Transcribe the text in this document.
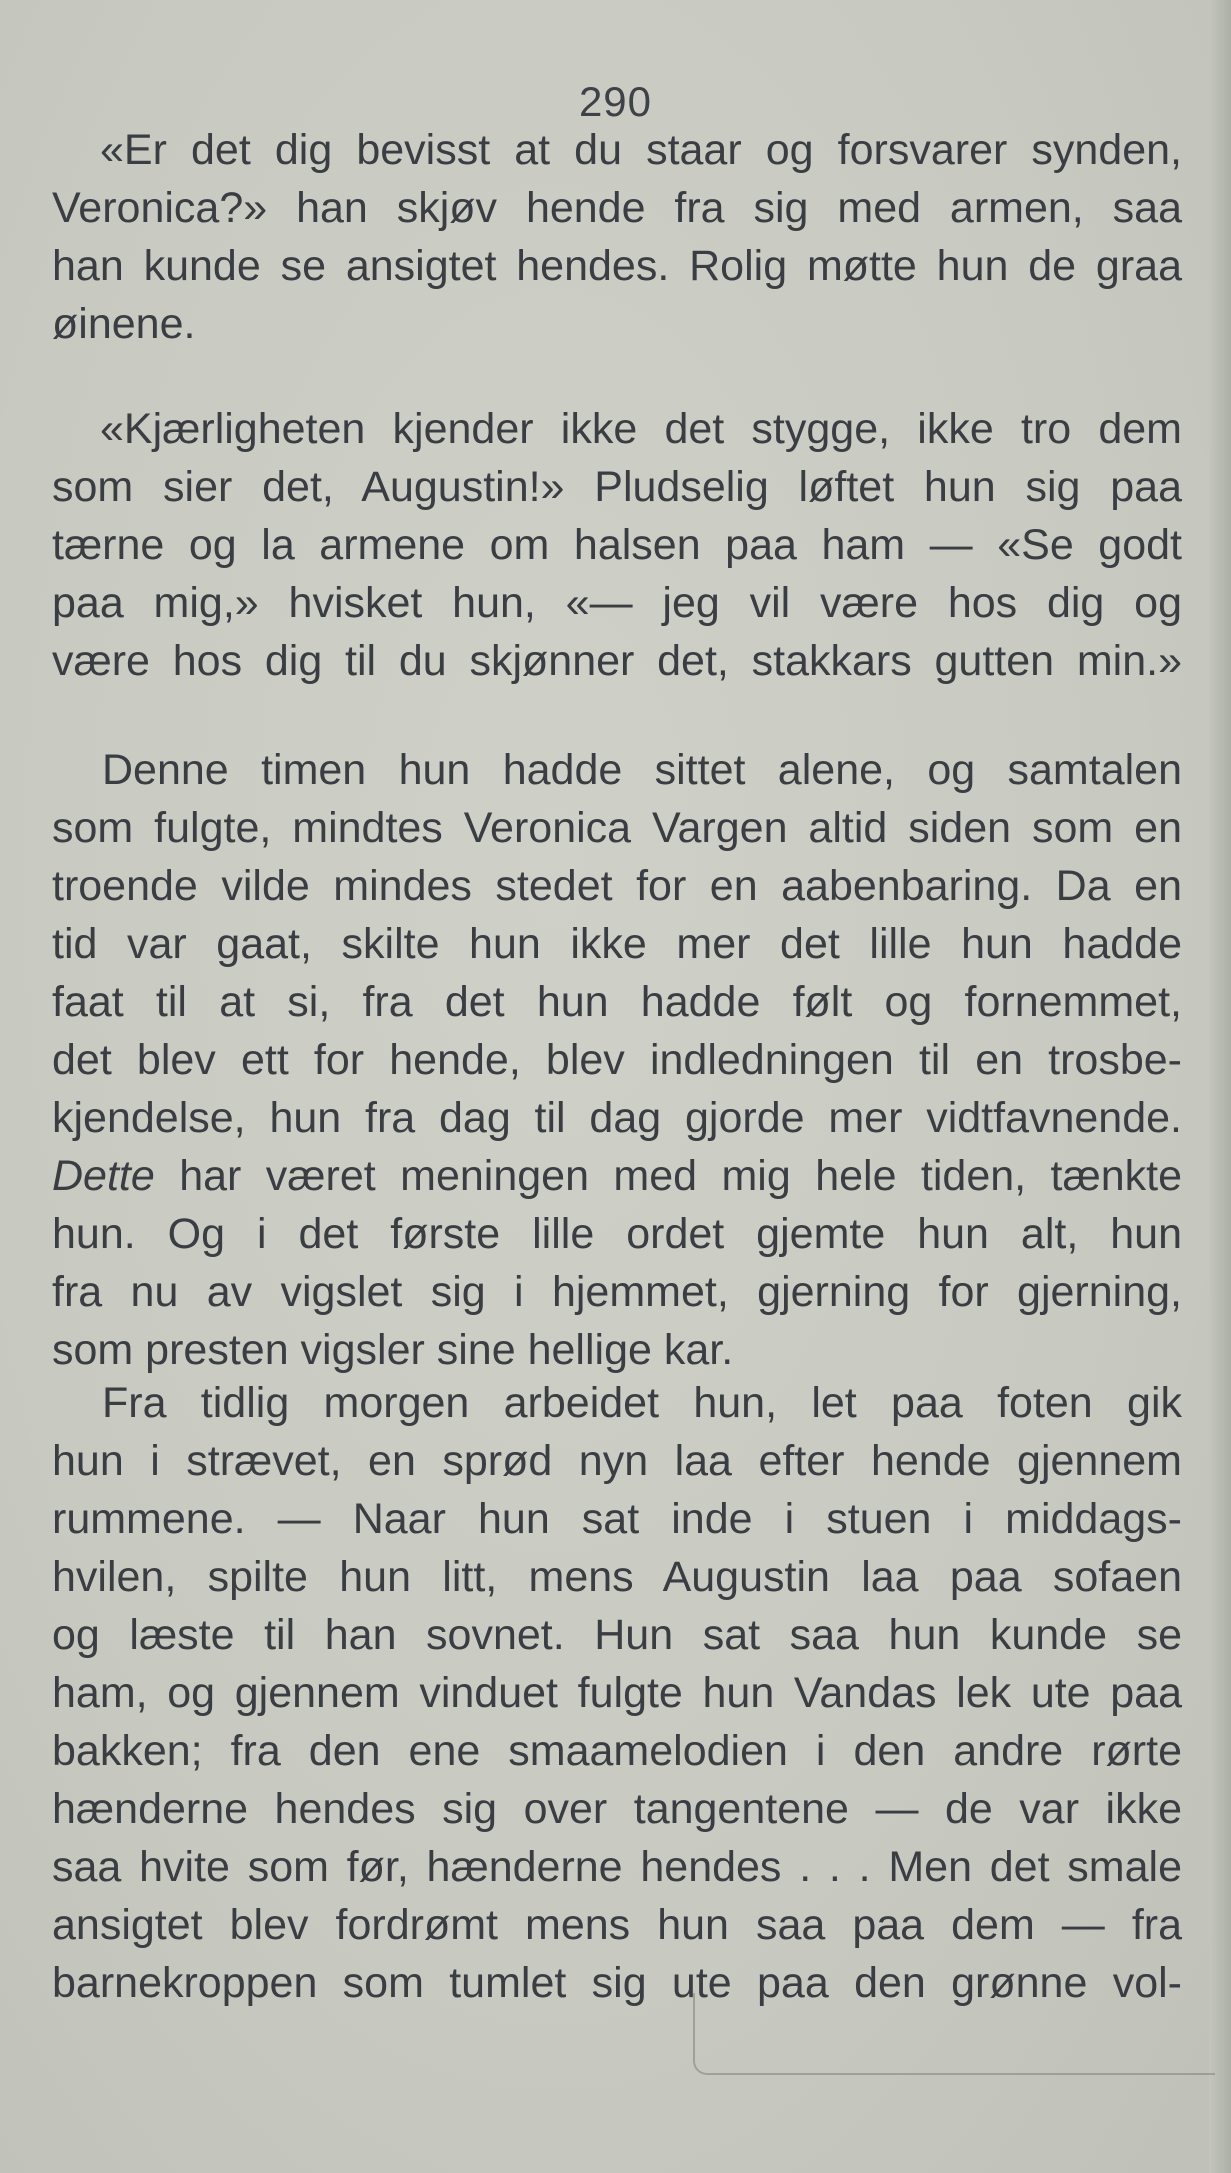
290
«Er det dig bevisst at du staar og forsvarer synden,
Veronica?» han skjøv hende fra sig med armen, saa
han kunde se ansigtet hendes. Rolig møtte hun de graa
øinene.
«Kjærligheten kjender ikke det stygge, ikke tro dem
som sier det, Augustin!» Pludselig løftet hun sig paa
tærne og la armene om halsen paa ham — «Se godt
paa mig,» hvisket hun, «— jeg vil være hos dig og
være hos dig til du skjønner det, stakkars gutten min.»
Denne timen hun hadde sittet alene, og samtalen
som fulgte, mindtes Veronica Vargen altid siden som en
troende vilde mindes stedet for en aabenbaring. Da en
tid var gaat, skilte hun ikke mer det lille hun hadde
faat til at si, fra det hun hadde følt og fornemmet,
det blev ett for hende, blev indledningen til en trosbe-
kjendelse, hun fra dag til dag gjorde mer vidtfavnende.
Dette har været meningen med mig hele tiden, tænkte
hun. Og i det første lille ordet gjemte hun alt, hun
fra nu av vigslet sig i hjemmet, gjerning for gjerning,
som presten vigsler sine hellige kar.
Fra tidlig morgen arbeidet hun, let paa foten gik
hun i strævet, en sprød nyn laa efter hende gjennem
rummene. — Naar hun sat inde i stuen i middags-
hvilen, spilte hun litt, mens Augustin laa paa sofaen
og læste til han sovnet. Hun sat saa hun kunde se
ham, og gjennem vinduet fulgte hun Vandas lek ute paa
bakken; fra den ene smaamelodien i den andre rørte
hænderne hendes sig over tangentene — de var ikke
saa hvite som før, hænderne hendes . . . Men det smale
ansigtet blev fordrømt mens hun saa paa dem — fra
barnekroppen som tumlet sig ute paa den grønne vol-
